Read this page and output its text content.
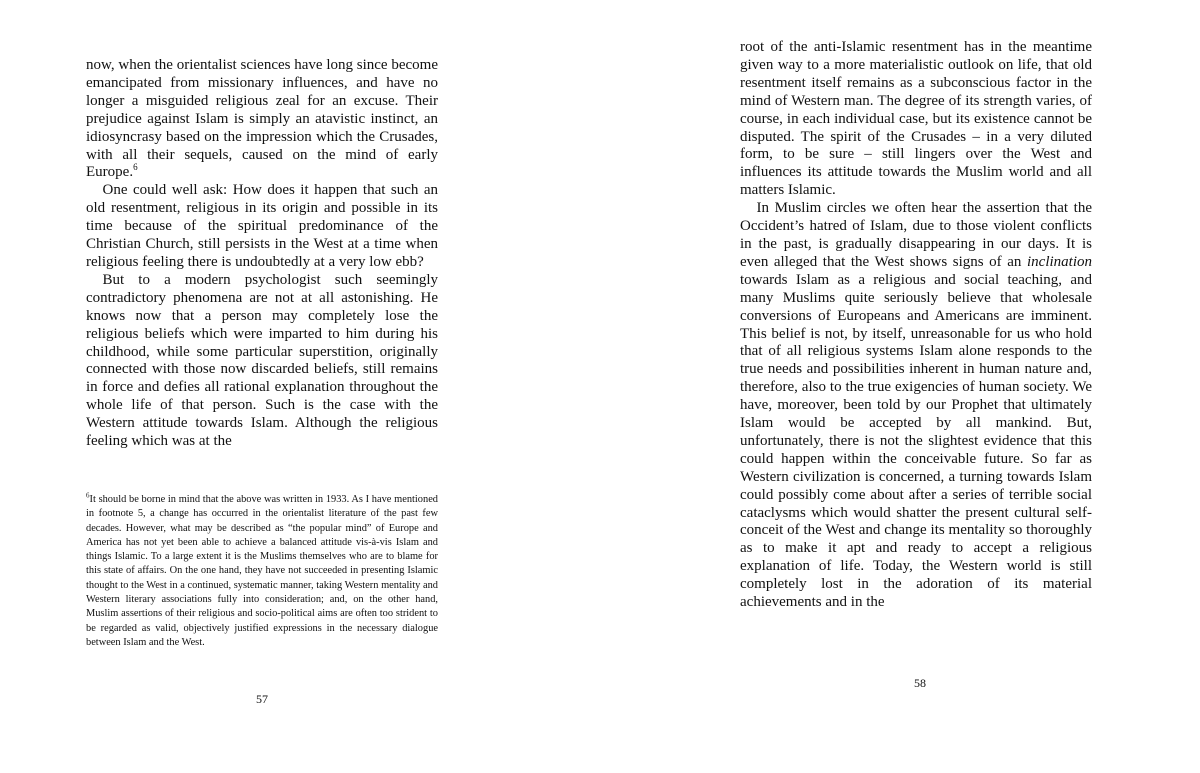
now, when the orientalist sciences have long since become emancipated from missionary influences, and have no longer a misguided religious zeal for an excuse. Their prejudice against Islam is simply an atavistic instinct, an idiosyncrasy based on the impression which the Crusades, with all their sequels, caused on the mind of early Europe.$^6$

One could well ask: How does it happen that such an old resentment, religious in its origin and possible in its time because of the spiritual predominance of the Christian Church, still persists in the West at a time when religious feeling there is undoubtedly at a very low ebb?

But to a modern psychologist such seemingly contradictory phenomena are not at all astonishing. He knows now that a person may completely lose the religious beliefs which were imparted to him during his childhood, while some particular superstition, originally connected with those now discarded beliefs, still remains in force and defies all rational explanation throughout the whole life of that person. Such is the case with the Western attitude towards Islam. Although the religious feeling which was at the

$^6$It should be borne in mind that the above was written in 1933. As I have mentioned in footnote 5, a change has occurred in the orientalist literature of the past few decades. However, what may be described as “the popular mind” of Europe and America has not yet been able to achieve a balanced attitude vis-à-vis Islam and things Islamic. To a large extent it is the Muslims themselves who are to blame for this state of affairs. On the one hand, they have not succeeded in presenting Islamic thought to the West in a continued, systematic manner, taking Western mentality and Western literary associations fully into consideration; and, on the other hand, Muslim assertions of their religious and socio-political aims are often too strident to be regarded as valid, objectively justified expressions in the necessary dialogue between Islam and the West.
57

root of the anti-Islamic resentment has in the meantime given way to a more materialistic outlook on life, that old resentment itself remains as a subconscious factor in the mind of Western man. The degree of its strength varies, of course, in each individual case, but its existence cannot be disputed. The spirit of the Crusades – in a very diluted form, to be sure – still lingers over the West and influences its attitude towards the Muslim world and all matters Islamic.

In Muslim circles we often hear the assertion that the Occident’s hatred of Islam, due to those violent conflicts in the past, is gradually disappearing in our days. It is even alleged that the West shows signs of an inclination towards Islam as a religious and social teaching, and many Muslims quite seriously believe that wholesale conversions of Europeans and Americans are imminent. This belief is not, by itself, unreasonable for us who hold that of all religious systems Islam alone responds to the true needs and possibilities inherent in human nature and, therefore, also to the true exigencies of human society. We have, moreover, been told by our Prophet that ultimately Islam would be accepted by all mankind. But, unfortunately, there is not the slightest evidence that this could happen within the conceivable future. So far as Western civilization is concerned, a turning towards Islam could possibly come about after a series of terrible social cataclysms which would shatter the present cultural self-conceit of the West and change its mentality so thoroughly as to make it apt and ready to accept a religious explanation of life. Today, the Western world is still completely lost in the adoration of its material achievements and in the

58
